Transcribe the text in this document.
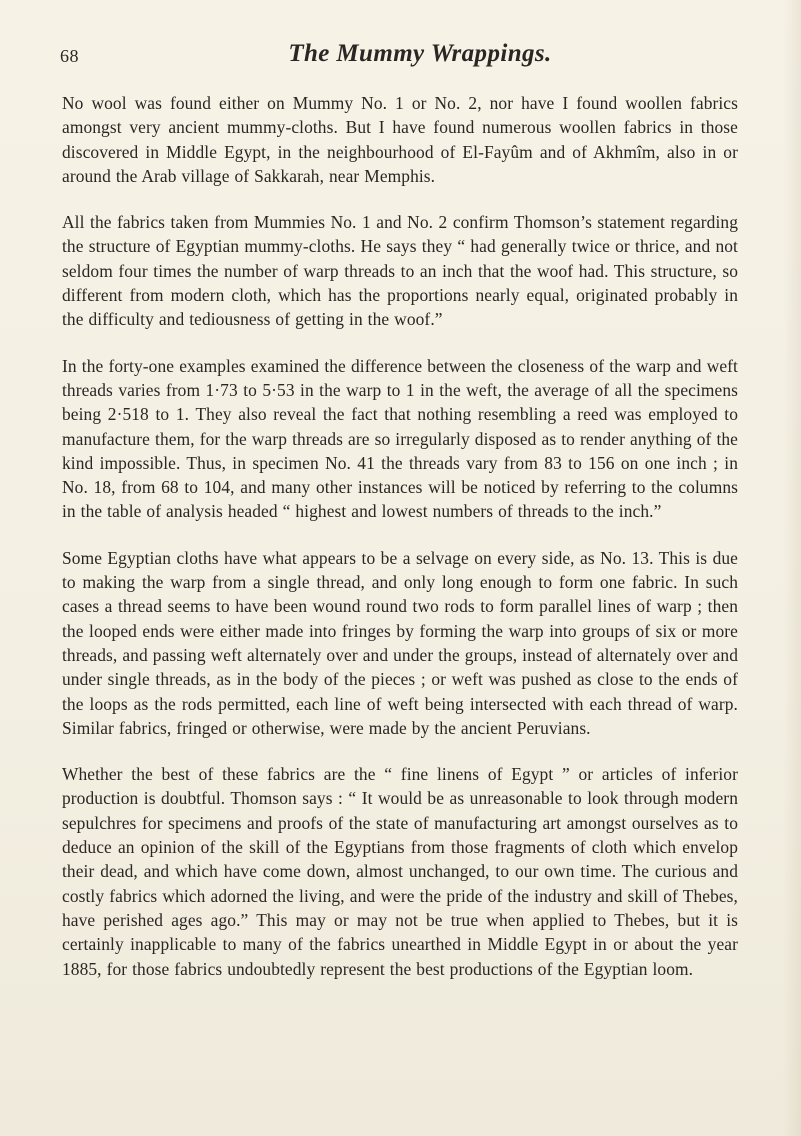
68	The Mummy Wrappings.

No wool was found either on Mummy No. 1 or No. 2, nor have I found woollen fabrics amongst very ancient mummy-cloths. But I have found numerous woollen fabrics in those discovered in Middle Egypt, in the neighbourhood of El-Fayûm and of Akhmîm, also in or around the Arab village of Sakkarah, near Memphis.

All the fabrics taken from Mummies No. 1 and No. 2 confirm Thomson’s statement regarding the structure of Egyptian mummy-cloths. He says they “ had generally twice or thrice, and not seldom four times the number of warp threads to an inch that the woof had. This structure, so different from modern cloth, which has the proportions nearly equal, originated probably in the difficulty and tediousness of getting in the woof.”

In the forty-one examples examined the difference between the closeness of the warp and weft threads varies from 1·73 to 5·53 in the warp to 1 in the weft, the average of all the specimens being 2·518 to 1. They also reveal the fact that nothing resembling a reed was employed to manufacture them, for the warp threads are so irregularly disposed as to render anything of the kind impossible. Thus, in specimen No. 41 the threads vary from 83 to 156 on one inch ; in No. 18, from 68 to 104, and many other instances will be noticed by referring to the columns in the table of analysis headed “ highest and lowest numbers of threads to the inch.”

Some Egyptian cloths have what appears to be a selvage on every side, as No. 13. This is due to making the warp from a single thread, and only long enough to form one fabric. In such cases a thread seems to have been wound round two rods to form parallel lines of warp ; then the looped ends were either made into fringes by forming the warp into groups of six or more threads, and passing weft alternately over and under the groups, instead of alternately over and under single threads, as in the body of the pieces ; or weft was pushed as close to the ends of the loops as the rods permitted, each line of weft being intersected with each thread of warp. Similar fabrics, fringed or otherwise, were made by the ancient Peruvians.

Whether the best of these fabrics are the “ fine linens of Egypt ” or articles of inferior production is doubtful. Thomson says : “ It would be as unreasonable to look through modern sepulchres for specimens and proofs of the state of manufacturing art amongst ourselves as to deduce an opinion of the skill of the Egyptians from those fragments of cloth which envelop their dead, and which have come down, almost unchanged, to our own time. The curious and costly fabrics which adorned the living, and were the pride of the industry and skill of Thebes, have perished ages ago.” This may or may not be true when applied to Thebes, but it is certainly inapplicable to many of the fabrics unearthed in Middle Egypt in or about the year 1885, for those fabrics undoubtedly represent the best productions of the Egyptian loom.
